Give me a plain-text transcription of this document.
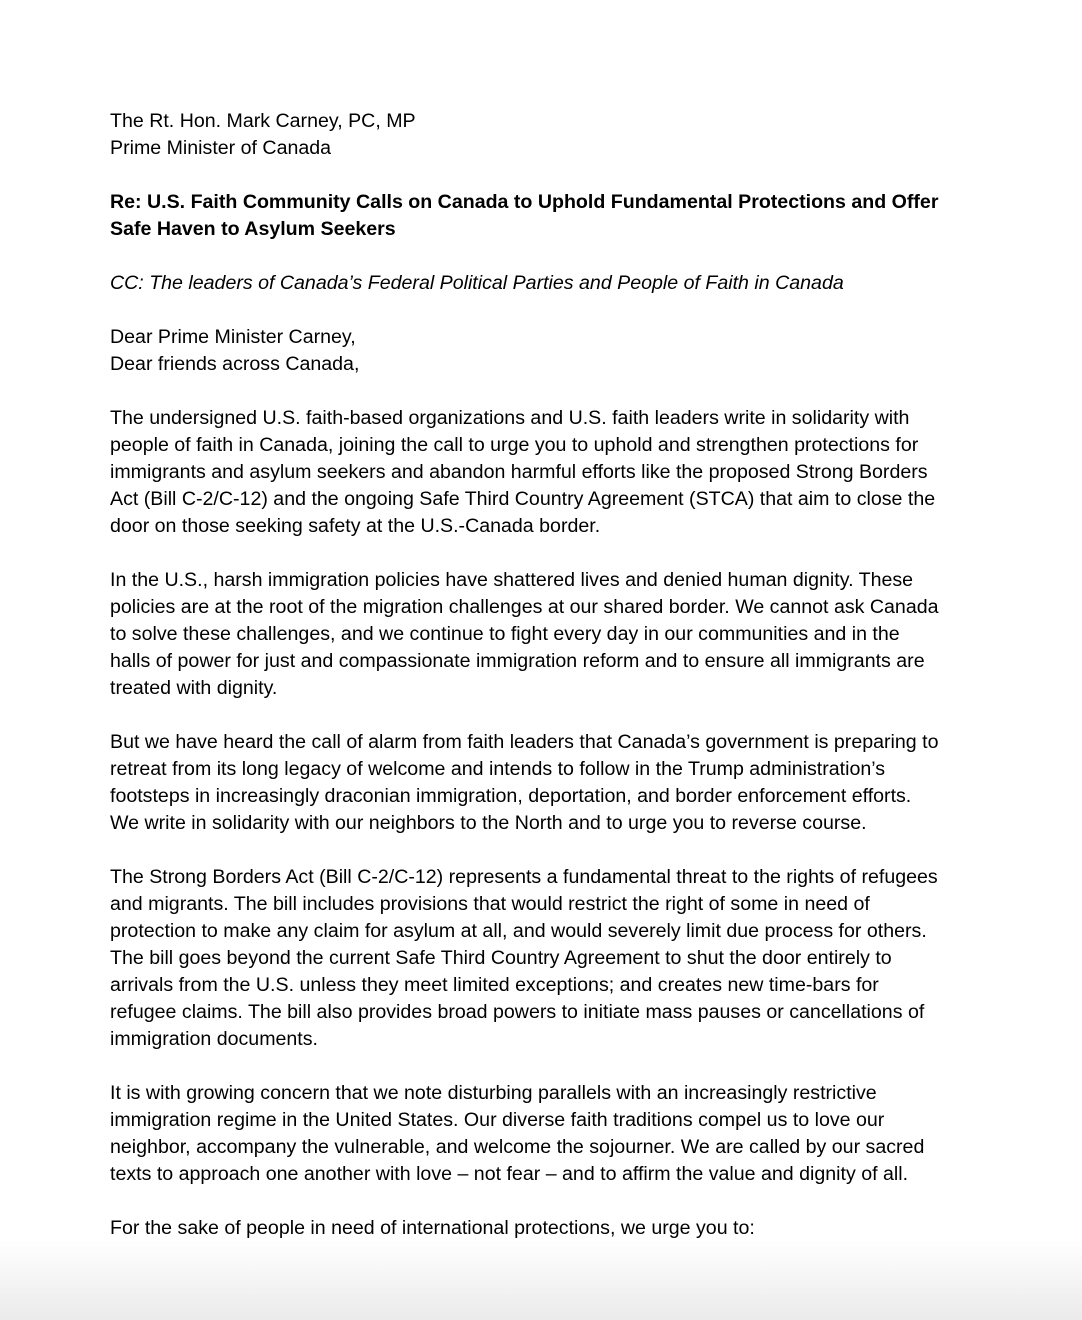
The Rt. Hon. Mark Carney, PC, MP
Prime Minister of Canada
Re: U.S. Faith Community Calls on Canada to Uphold Fundamental Protections and Offer
Safe Haven to Asylum Seekers
CC: The leaders of Canada’s Federal Political Parties and People of Faith in Canada
Dear Prime Minister Carney,
Dear friends across Canada,
The undersigned U.S. faith-based organizations and U.S. faith leaders write in solidarity with
people of faith in Canada, joining the call to urge you to uphold and strengthen protections for
immigrants and asylum seekers and abandon harmful efforts like the proposed Strong Borders
Act (Bill C-2/C-12) and the ongoing Safe Third Country Agreement (STCA) that aim to close the
door on those seeking safety at the U.S.-Canada border.
In the U.S., harsh immigration policies have shattered lives and denied human dignity. These
policies are at the root of the migration challenges at our shared border. We cannot ask Canada
to solve these challenges, and we continue to fight every day in our communities and in the
halls of power for just and compassionate immigration reform and to ensure all immigrants are
treated with dignity.
But we have heard the call of alarm from faith leaders that Canada’s government is preparing to
retreat from its long legacy of welcome and intends to follow in the Trump administration’s
footsteps in increasingly draconian immigration, deportation, and border enforcement efforts.
We write in solidarity with our neighbors to the North and to urge you to reverse course.
The Strong Borders Act (Bill C-2/C-12) represents a fundamental threat to the rights of refugees
and migrants. The bill includes provisions that would restrict the right of some in need of
protection to make any claim for asylum at all, and would severely limit due process for others.
The bill goes beyond the current Safe Third Country Agreement to shut the door entirely to
arrivals from the U.S. unless they meet limited exceptions; and creates new time-bars for
refugee claims. The bill also provides broad powers to initiate mass pauses or cancellations of
immigration documents.
It is with growing concern that we note disturbing parallels with an increasingly restrictive
immigration regime in the United States. Our diverse faith traditions compel us to love our
neighbor, accompany the vulnerable, and welcome the sojourner. We are called by our sacred
texts to approach one another with love – not fear – and to affirm the value and dignity of all.
For the sake of people in need of international protections, we urge you to:
